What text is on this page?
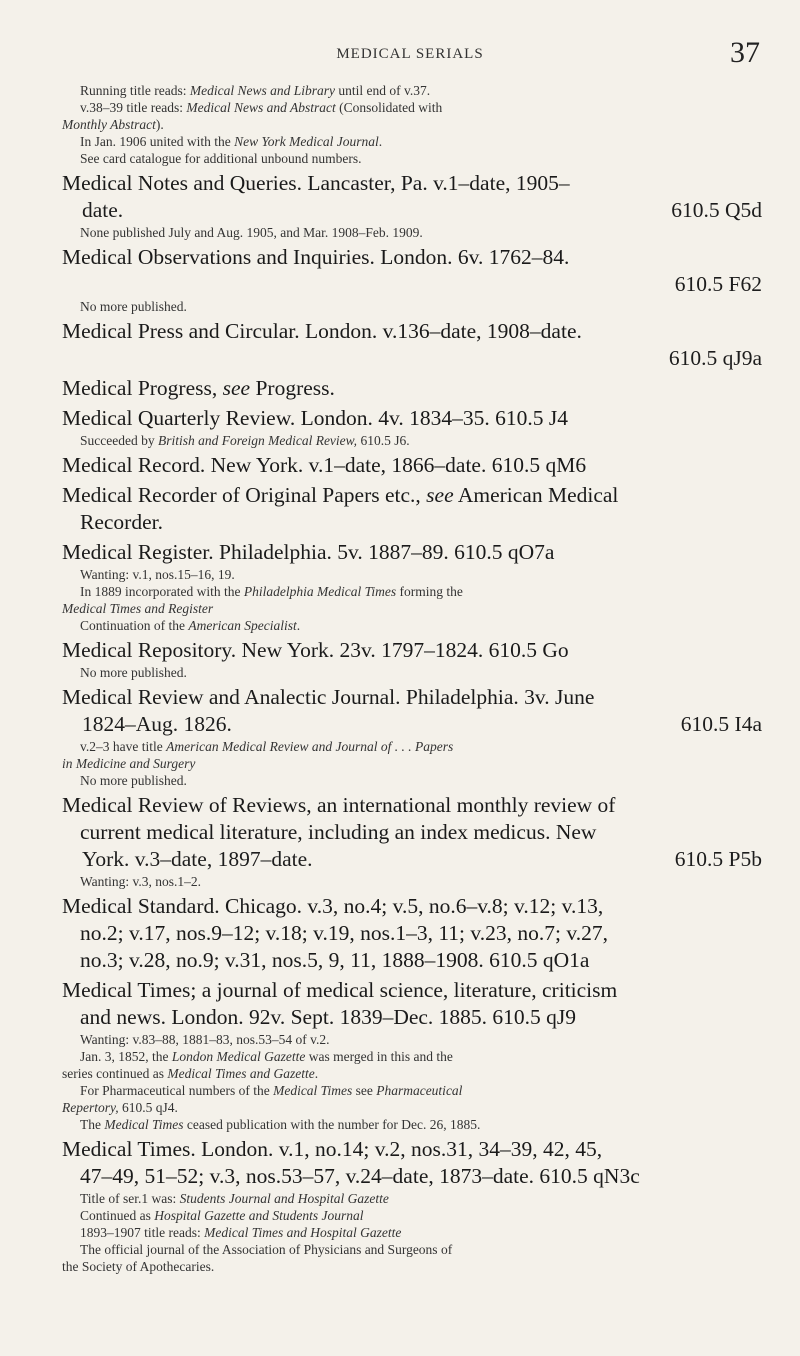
MEDICAL SERIALS	37

Running title reads: Medical News and Library until end of v.37.

v.38–39 title reads: Medical News and Abstract (Consolidated with

Monthly Abstract).

In Jan. 1906 united with the New York Medical Journal.

See card catalogue for additional unbound numbers.

Medical Notes and Queries. Lancaster, Pa. v.1–date, 1905–

date.	610.5 Q5d

None published July and Aug. 1905, and Mar. 1908–Feb. 1909.

Medical Observations and Inquiries. London. 6v. 1762–84.

610.5 F62

No more published.

Medical Press and Circular. London. v.136–date, 1908–date.

610.5 qJ9a

Medical Progress, see Progress.

Medical Quarterly Review. London. 4v. 1834–35. 610.5 J4

Succeeded by British and Foreign Medical Review, 610.5 J6.

Medical Record. New York. v.1–date, 1866–date. 610.5 qM6

Medical Recorder of Original Papers etc., see American Medical

Recorder.

Medical Register. Philadelphia. 5v. 1887–89. 610.5 qO7a

Wanting: v.1, nos.15–16, 19.

In 1889 incorporated with the Philadelphia Medical Times forming the

Medical Times and Register

Continuation of the American Specialist.

Medical Repository. New York. 23v. 1797–1824. 610.5 Go

No more published.

Medical Review and Analectic Journal. Philadelphia. 3v. June

1824–Aug. 1826.	610.5 I4a

v.2–3 have title American Medical Review and Journal of . . . Papers

in Medicine and Surgery

No more published.

Medical Review of Reviews, an international monthly review of

current medical literature, including an index medicus. New

York. v.3–date, 1897–date.	610.5 P5b

Wanting: v.3, nos.1–2.

Medical Standard. Chicago. v.3, no.4; v.5, no.6–v.8; v.12; v.13,

no.2; v.17, nos.9–12; v.18; v.19, nos.1–3, 11; v.23, no.7; v.27,

no.3; v.28, no.9; v.31, nos.5, 9, 11, 1888–1908. 610.5 qO1a

Medical Times; a journal of medical science, literature, criticism

and news. London. 92v. Sept. 1839–Dec. 1885. 610.5 qJ9

Wanting: v.83–88, 1881–83, nos.53–54 of v.2.

Jan. 3, 1852, the London Medical Gazette was merged in this and the

series continued as Medical Times and Gazette.

For Pharmaceutical numbers of the Medical Times see Pharmaceutical

Repertory, 610.5 qJ4.

The Medical Times ceased publication with the number for Dec. 26, 1885.

Medical Times. London. v.1, no.14; v.2, nos.31, 34–39, 42, 45,

47–49, 51–52; v.3, nos.53–57, v.24–date, 1873–date. 610.5 qN3c

Title of ser.1 was: Students Journal and Hospital Gazette

Continued as Hospital Gazette and Students Journal

1893–1907 title reads: Medical Times and Hospital Gazette

The official journal of the Association of Physicians and Surgeons of

the Society of Apothecaries.
